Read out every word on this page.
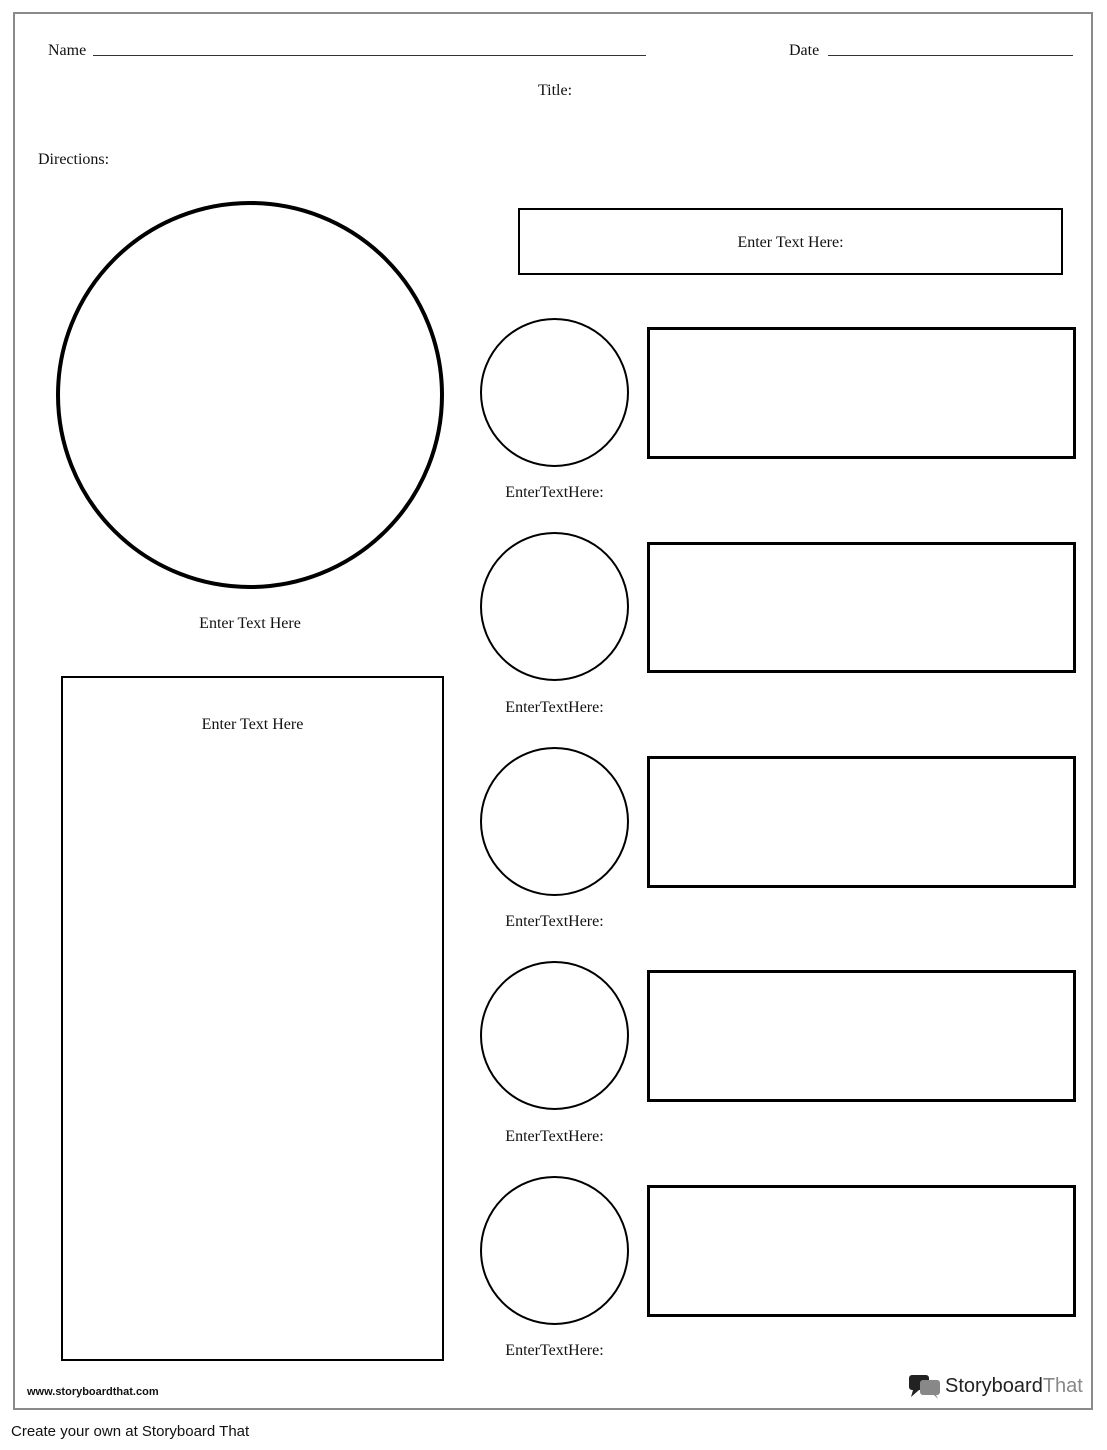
Name	Date
Title:
Directions:
Enter Text Here
Enter Text Here
Enter Text Here:
EnterTextHere:
EnterTextHere:
EnterTextHere:
EnterTextHere:
EnterTextHere:
www.storyboardthat.com	StoryboardThat
Create your own at Storyboard That
